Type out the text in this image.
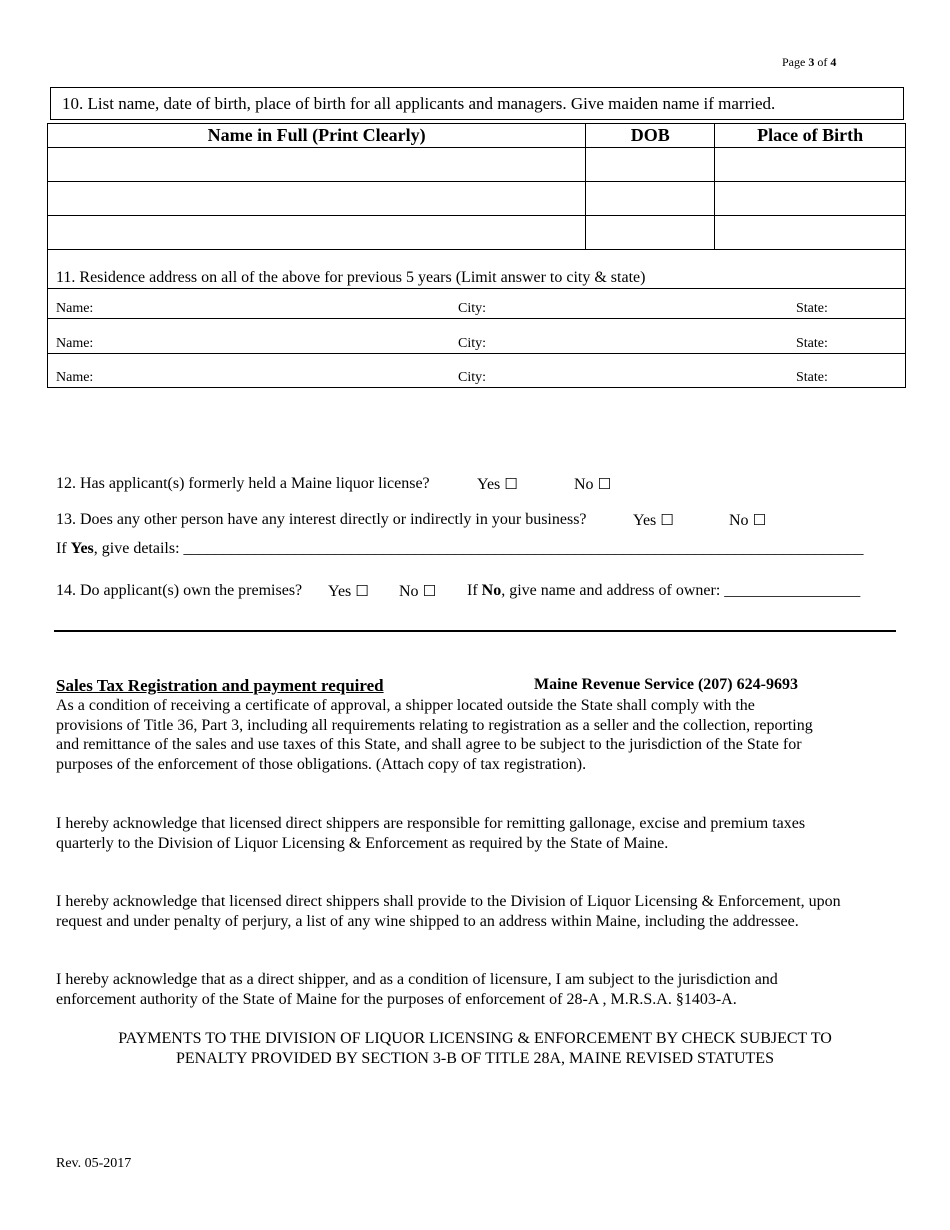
Page 3 of 4
10. List name, date of birth, place of birth for all applicants and managers. Give maiden name if married.
Name in Full (Print Clearly)	DOB	Place of Birth

11. Residence address on all of the above for previous 5 years (Limit answer to city & state)
Name:	City:	State:
Name:	City:	State:
Name:	City:	State:
12. Has applicant(s) formerly held a Maine liquor license?	Yes ☐	No ☐
13. Does any other person have any interest directly or indirectly in your business?	Yes ☐	No ☐
If Yes, give details: _____________________________________________________________________________________
14. Do applicant(s) own the premises? Yes ☐ No ☐ If No, give name and address of owner: _________________
Sales Tax Registration and payment required	Maine Revenue Service (207) 624-9693
As a condition of receiving a certificate of approval, a shipper located outside the State shall comply with the
provisions of Title 36, Part 3, including all requirements relating to registration as a seller and the collection, reporting
and remittance of the sales and use taxes of this State, and shall agree to be subject to the jurisdiction of the State for
purposes of the enforcement of those obligations. (Attach copy of tax registration).
I hereby acknowledge that licensed direct shippers are responsible for remitting gallonage, excise and premium taxes
quarterly to the Division of Liquor Licensing & Enforcement as required by the State of Maine.
I hereby acknowledge that licensed direct shippers shall provide to the Division of Liquor Licensing & Enforcement, upon
request and under penalty of perjury, a list of any wine shipped to an address within Maine, including the addressee.
I hereby acknowledge that as a direct shipper, and as a condition of licensure, I am subject to the jurisdiction and
enforcement authority of the State of Maine for the purposes of enforcement of 28-A , M.R.S.A. §1403-A.
PAYMENTS TO THE DIVISION OF LIQUOR LICENSING & ENFORCEMENT BY CHECK SUBJECT TO
PENALTY PROVIDED BY SECTION 3-B OF TITLE 28A, MAINE REVISED STATUTES
Rev. 05-2017
